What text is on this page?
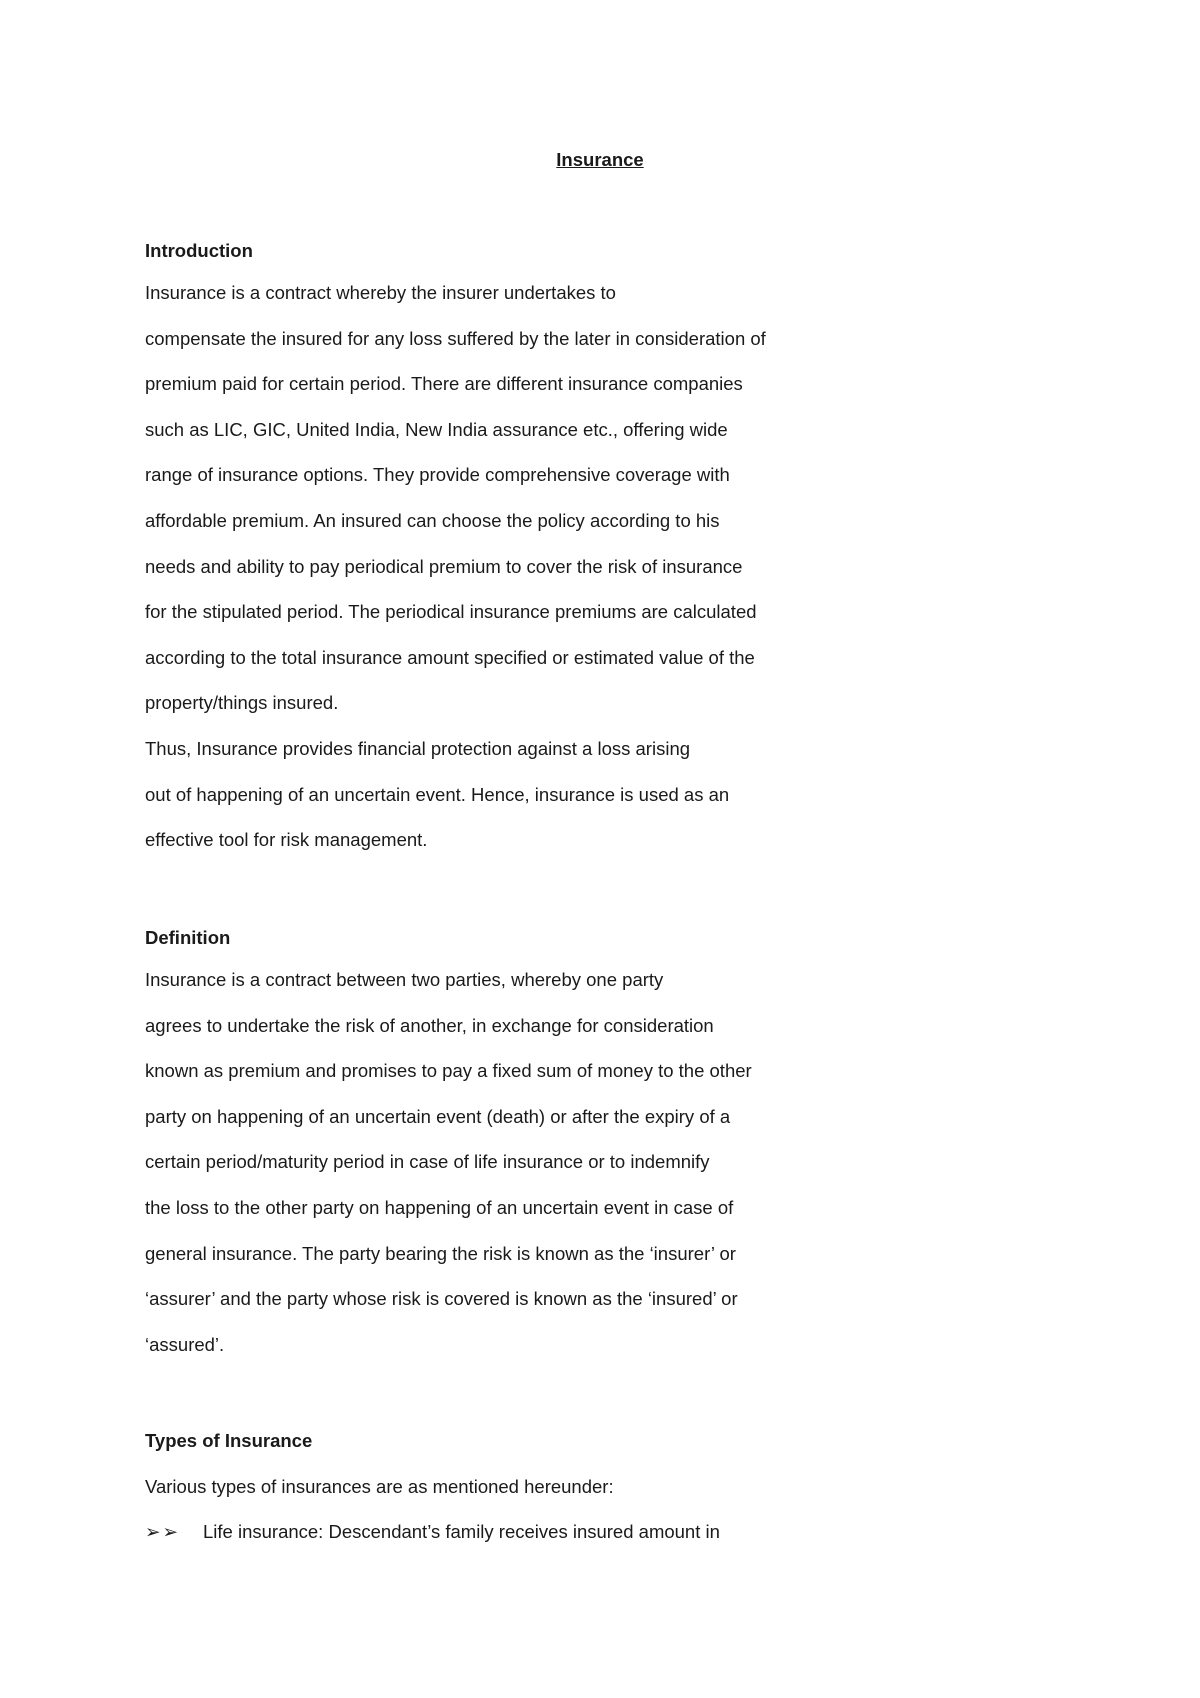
Insurance

Introduction

Insurance is a contract whereby the insurer undertakes to

compensate the insured for any loss suffered by the later in consideration of

premium paid for certain period. There are different insurance companies

such as LIC, GIC, United India, New India assurance etc., offering wide

range of insurance options. They provide comprehensive coverage with

affordable premium. An insured can choose the policy according to his

needs and ability to pay periodical premium to cover the risk of insurance

for the stipulated period. The periodical insurance premiums are calculated

according to the total insurance amount specified or estimated value of the

property/things insured.

Thus, Insurance provides financial protection against a loss arising

out of happening of an uncertain event. Hence, insurance is used as an

effective tool for risk management.

Definition

Insurance is a contract between two parties, whereby one party

agrees to undertake the risk of another, in exchange for consideration

known as premium and promises to pay a fixed sum of money to the other

party on happening of an uncertain event (death) or after the expiry of a

certain period/maturity period in case of life insurance or to indemnify

the loss to the other party on happening of an uncertain event in case of

general insurance. The party bearing the risk is known as the ‘insurer’ or

‘assurer’ and the party whose risk is covered is known as the ‘insured’ or

‘assured’.

Types of Insurance

Various types of insurances are as mentioned hereunder:

➢➢	Life insurance: Descendant’s family receives insured amount in
